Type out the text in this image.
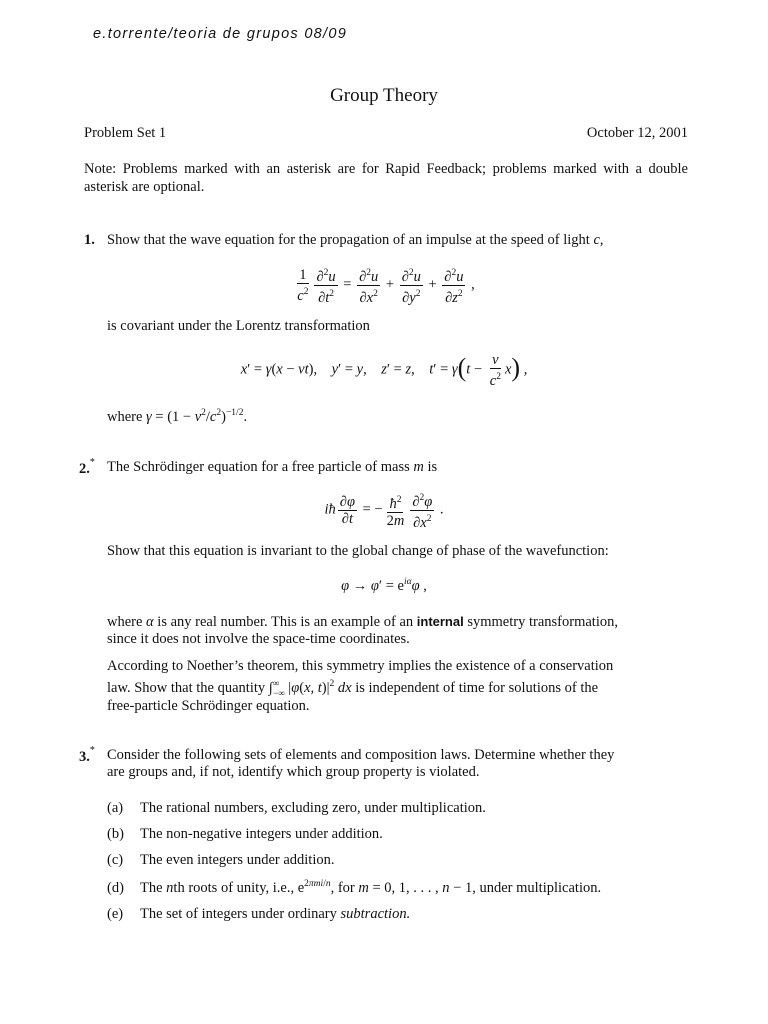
e.torrente/teoria de grupos 08/09
Group Theory
Problem Set 1	October 12, 2001
Note: Problems marked with an asterisk are for Rapid Feedback; problems marked with a double asterisk are optional.
1. Show that the wave equation for the propagation of an impulse at the speed of light c,
$\frac{1}{c^2} \frac{\partial^2u}{\partial t^2} = \frac{\partial^2u}{\partial x^2} + \frac{\partial^2u}{\partial y^2} + \frac{\partial^2u}{\partial z^2}$ ,
is covariant under the Lorentz transformation
x′ = γ(x − vt),    y′ = y,    z′ = z,    $t' = \gamma(t - \frac{v}{c^2} x)$ ,
where $\gamma = (1 - v^2/c^2)^{-1/2}$.
2.* The Schrödinger equation for a free particle of mass m is
iħ $\frac{\partial\varphi}{\partial t}$ = − $\frac{ħ^2}{2m} \frac{\partial^2\varphi}{\partial x^2}$ .
Show that this equation is invariant to the global change of phase of the wavefunction:
$\varphi \to \varphi' = e^{i\alpha}\varphi$ ,
where α is any real number. This is an example of an internal symmetry transformation,
since it does not involve the space-time coordinates.
According to Noether’s theorem, this symmetry implies the existence of a conservation
law. Show that the quantity $\int^\infty_{-\infty}$ |φ(x, $t)|^2$ dx is independent of time for solutions of the
free-particle Schrödinger equation.
3.* Consider the following sets of elements and composition laws. Determine whether they
are groups and, if not, identify which group property is violated.
(a) The rational numbers, excluding zero, under multiplication.
(b) The non-negative integers under addition.
(c) The even integers under addition.
(d) The nth roots of unity, i.e., $e^{2\pi mi/n}$, for m = 0, 1, . . . , n − 1, under multiplication.
(e) The set of integers under ordinary subtraction.
